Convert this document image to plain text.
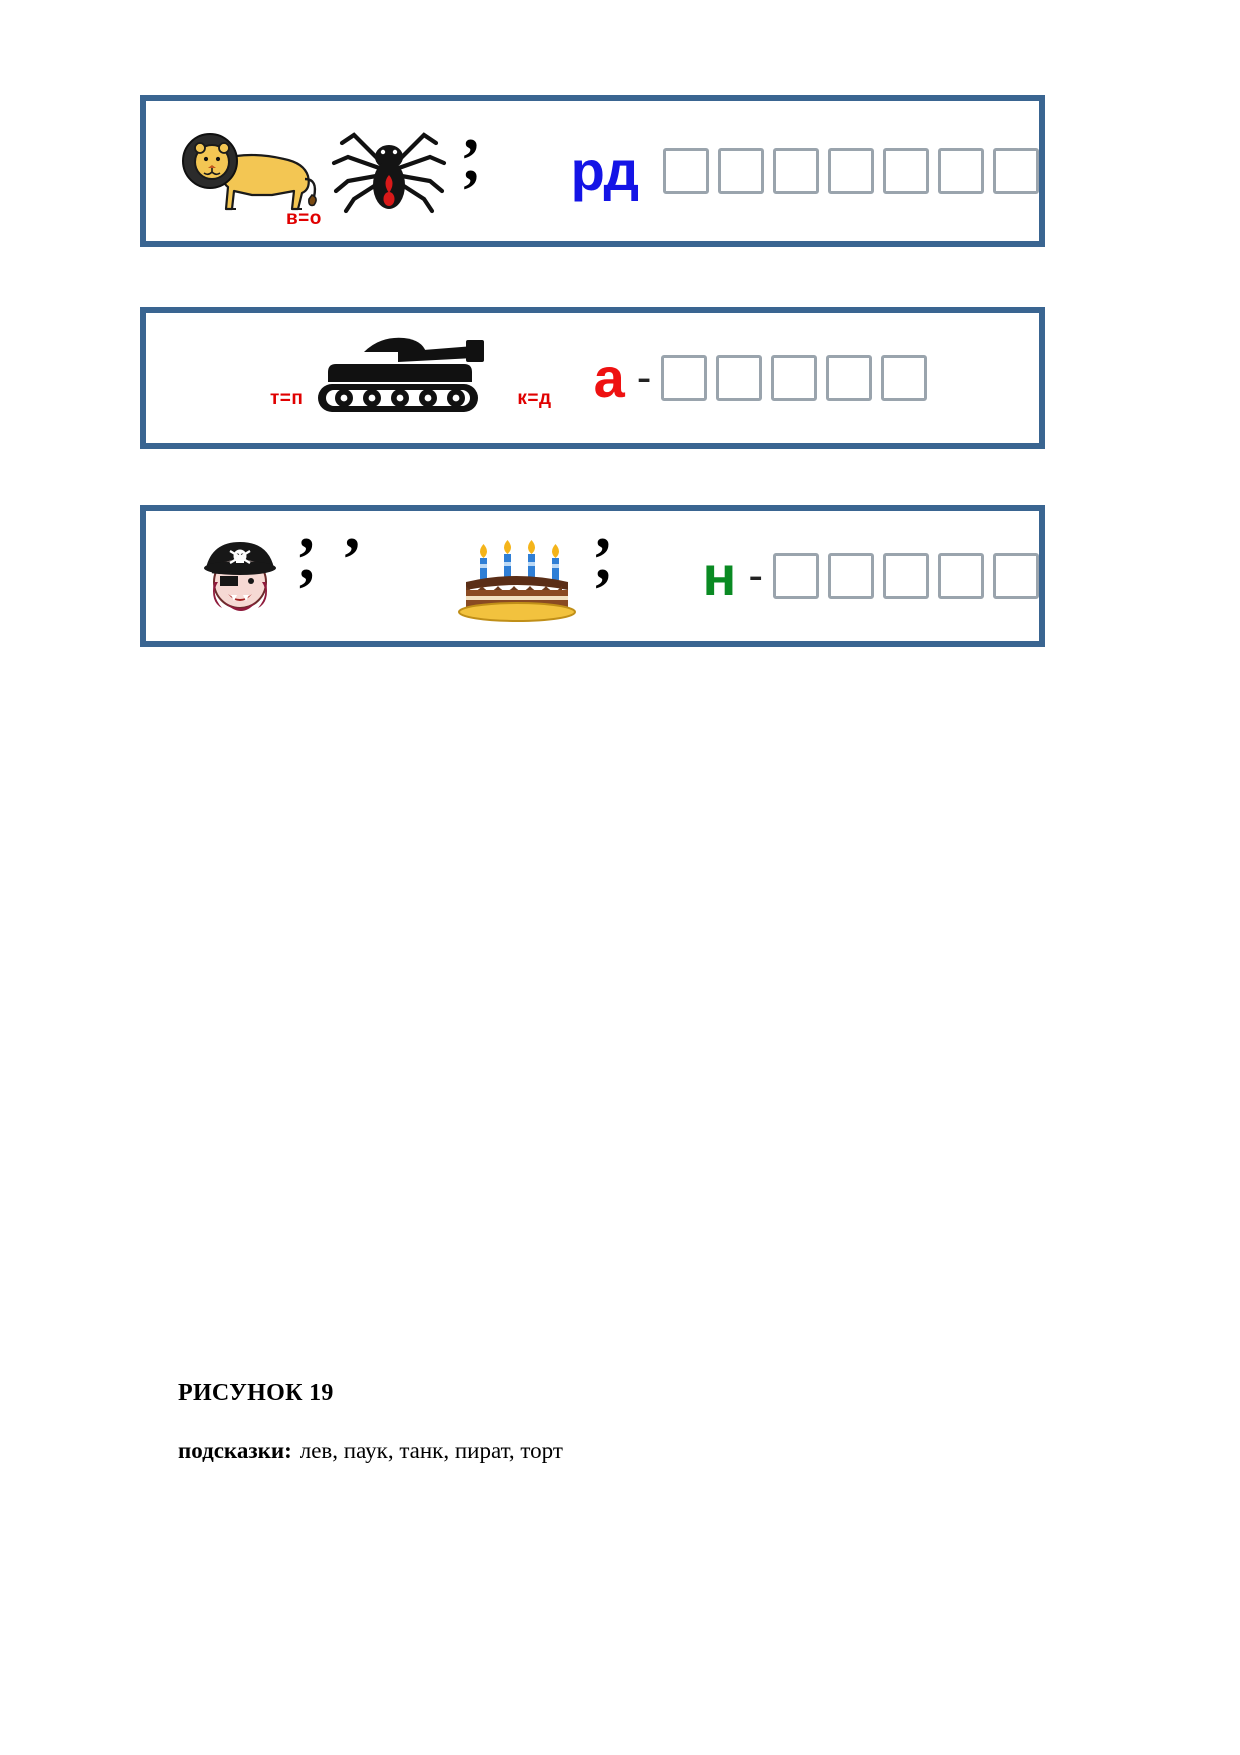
в=о
’ ’	рд
т=п	к=д а -
’ ’ ’	’ ’	н -
РИСУНОК 19
подсказки: лев, паук, танк, пират, торт
